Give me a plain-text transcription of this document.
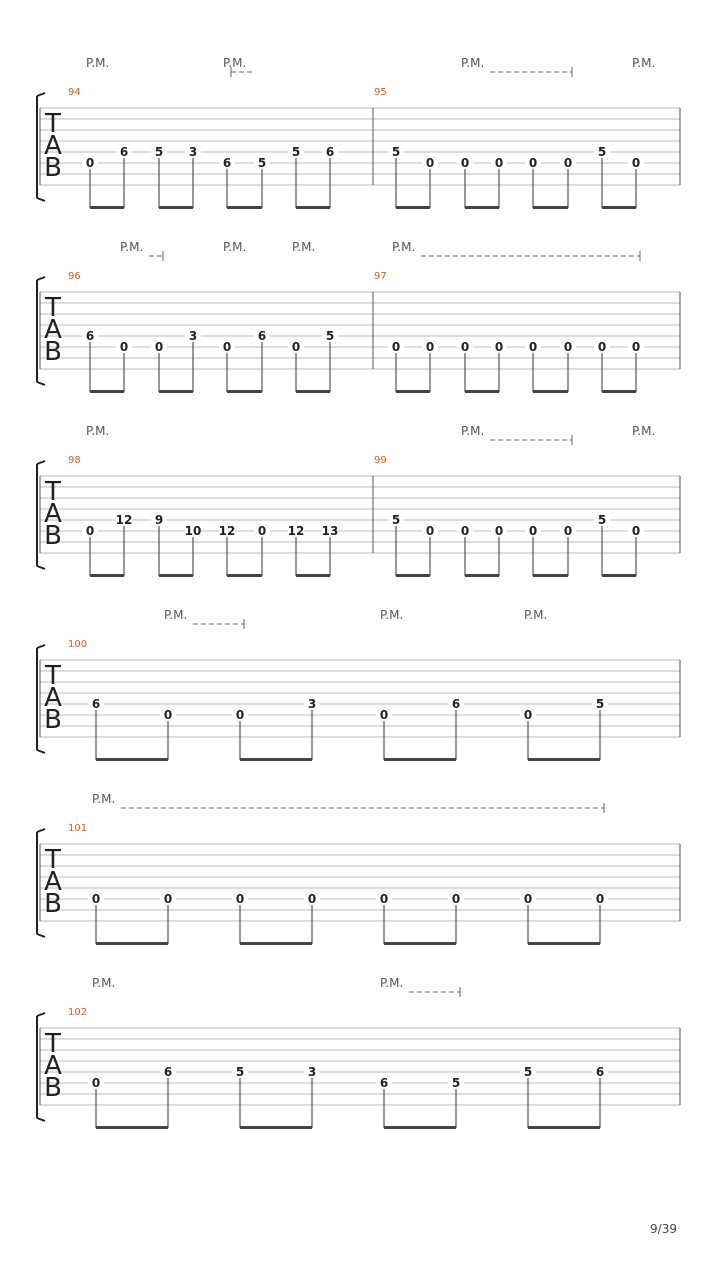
T
A
B
94	95
0
6 5 3
6 5
5 6	5
0 0 0 0 0
5
0
P.M.	P.M.	P.M.	P.M.
T
A
B
96	97
6
0 0
3
0
6
0
5
0 0 0 0 0 0 0 0
P.M.	P.M.	P.M.	P.M.
T
A
B
98	99
0
12 9
10 12 0 12 13
5
0 0 0 0 0
5
0
P.M.	P.M.	P.M.
T
A
B
100
6
0	0
3
0
6
0
5
P.M.	P.M.	P.M.
T
A
B
101
0	0	0	0	0	0	0	0
P.M.
T
A
B
102
0
6	5	3
6	5
5	6
P.M.	P.M.
9/39
